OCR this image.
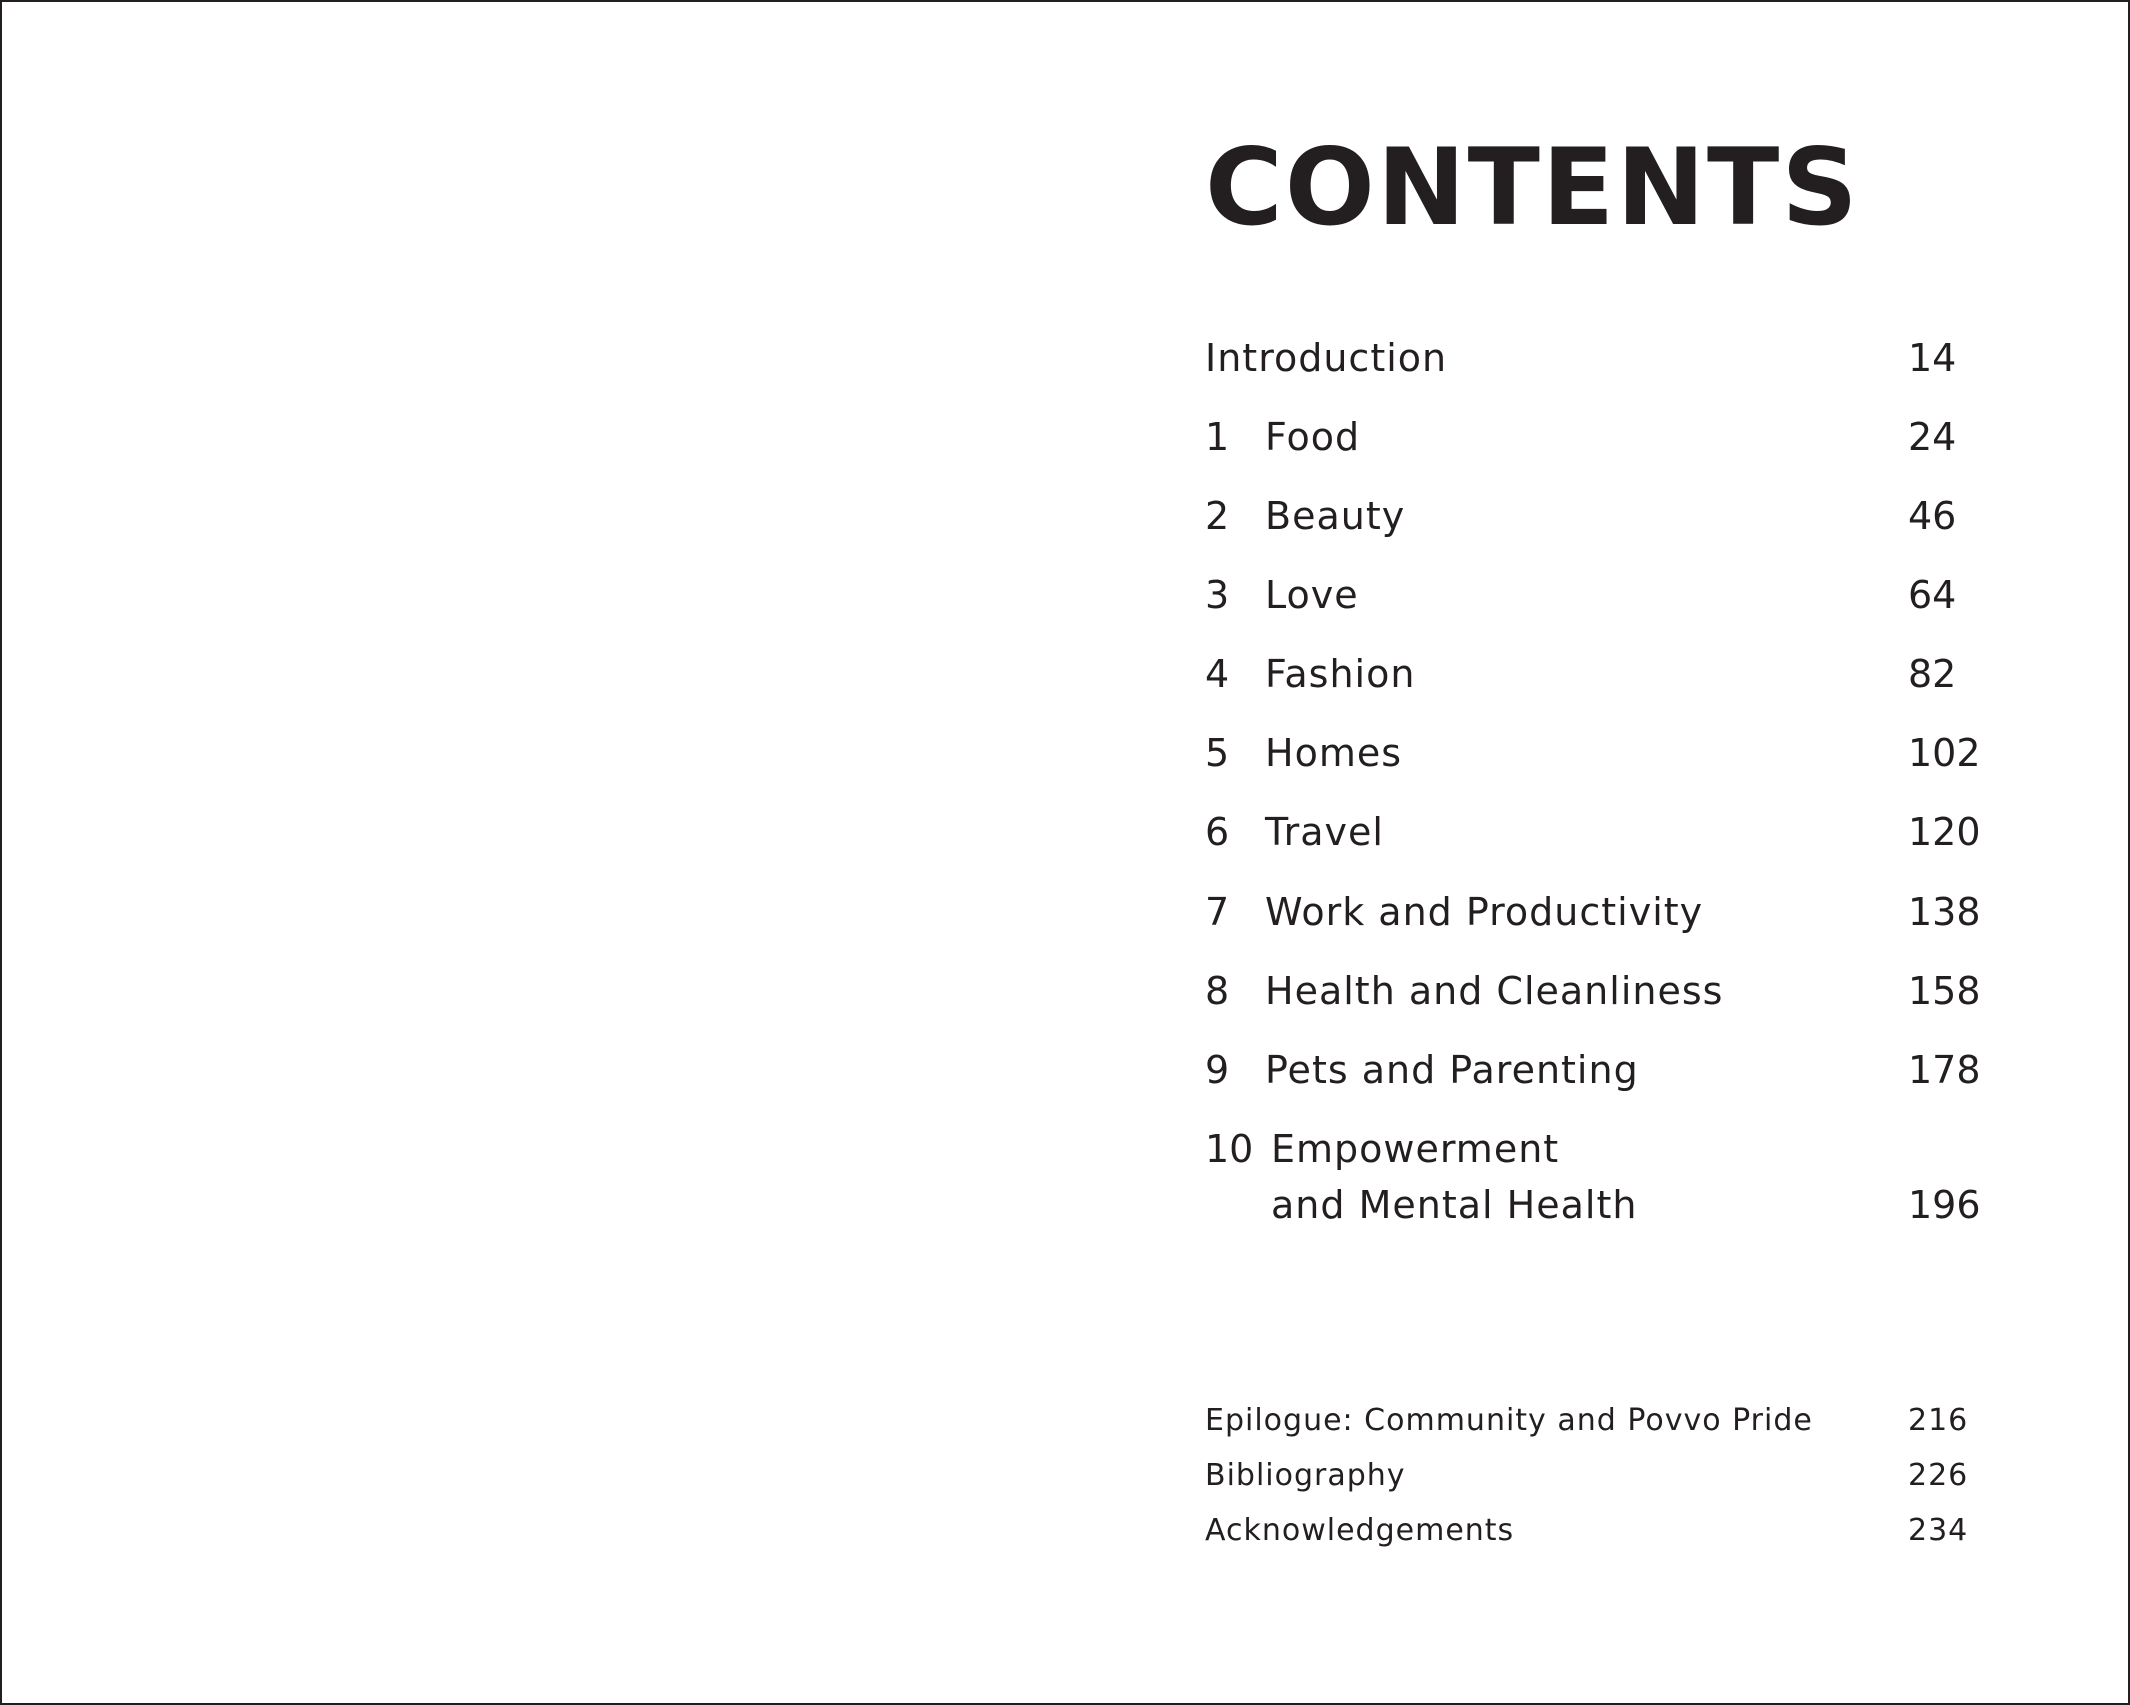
CONTENTS
Introduction	14
1 Food	24
2 Beauty	46
3 Love	64
4 Fashion	82
5 Homes	102
6 Travel	120
7 Work and Productivity	138
8 Health and Cleanliness	158
9 Pets and Parenting	178
10 Empowerment
and Mental Health	196
Epilogue: Community and Povvo Pride	216
Bibliography	226
Acknowledgements	234
